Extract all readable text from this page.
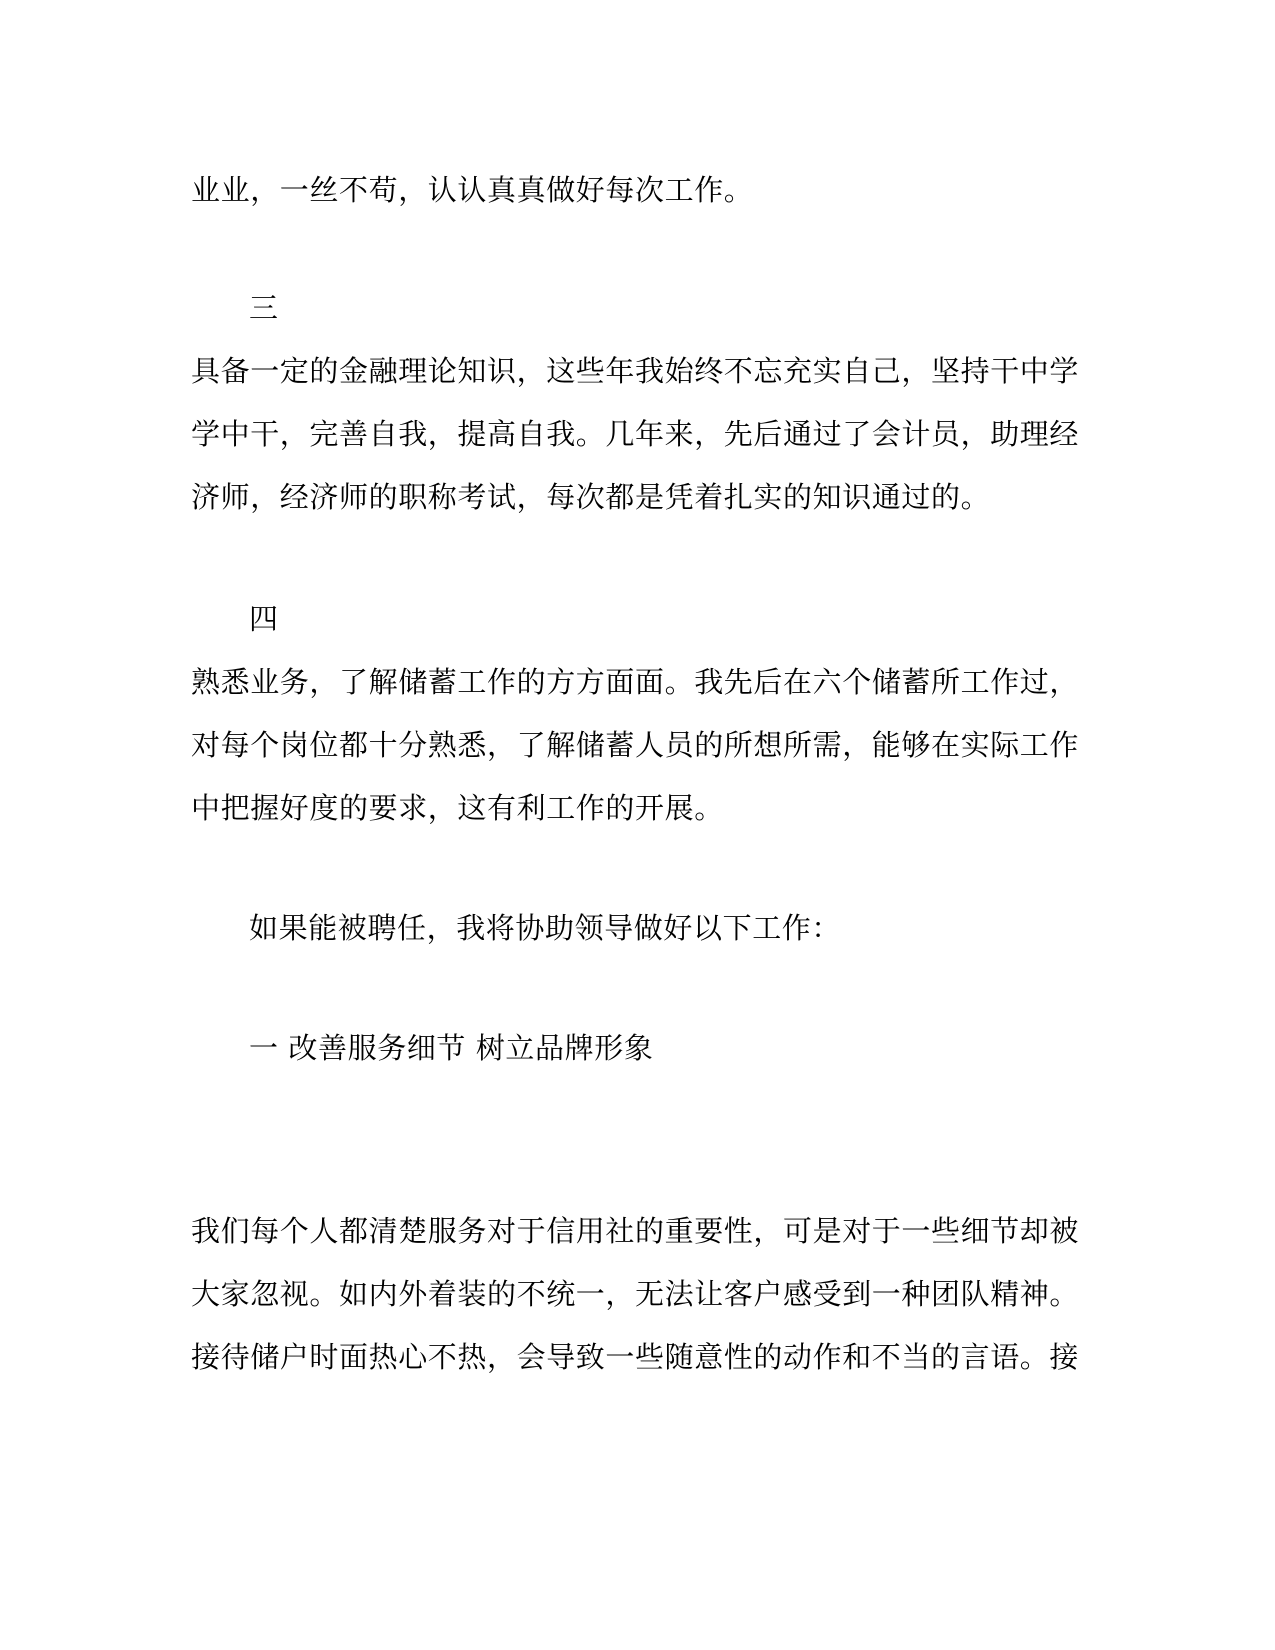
业业，一丝不苟，认认真真做好每次工作。
三
具备一定的金融理论知识，这些年我始终不忘充实自己，坚持干中学
学中干，完善自我，提高自我。几年来，先后通过了会计员，助理经
济师，经济师的职称考试，每次都是凭着扎实的知识通过的。
四
熟悉业务，了解储蓄工作的方方面面。我先后在六个储蓄所工作过，
对每个岗位都十分熟悉，了解储蓄人员的所想所需，能够在实际工作
中把握好度的要求，这有利工作的开展。
如果能被聘任，我将协助领导做好以下工作：
一 改善服务细节 树立品牌形象
我们每个人都清楚服务对于信用社的重要性，可是对于一些细节却被
大家忽视。如内外着装的不统一，无法让客户感受到一种团队精神。
接待储户时面热心不热，会导致一些随意性的动作和不当的言语。接
